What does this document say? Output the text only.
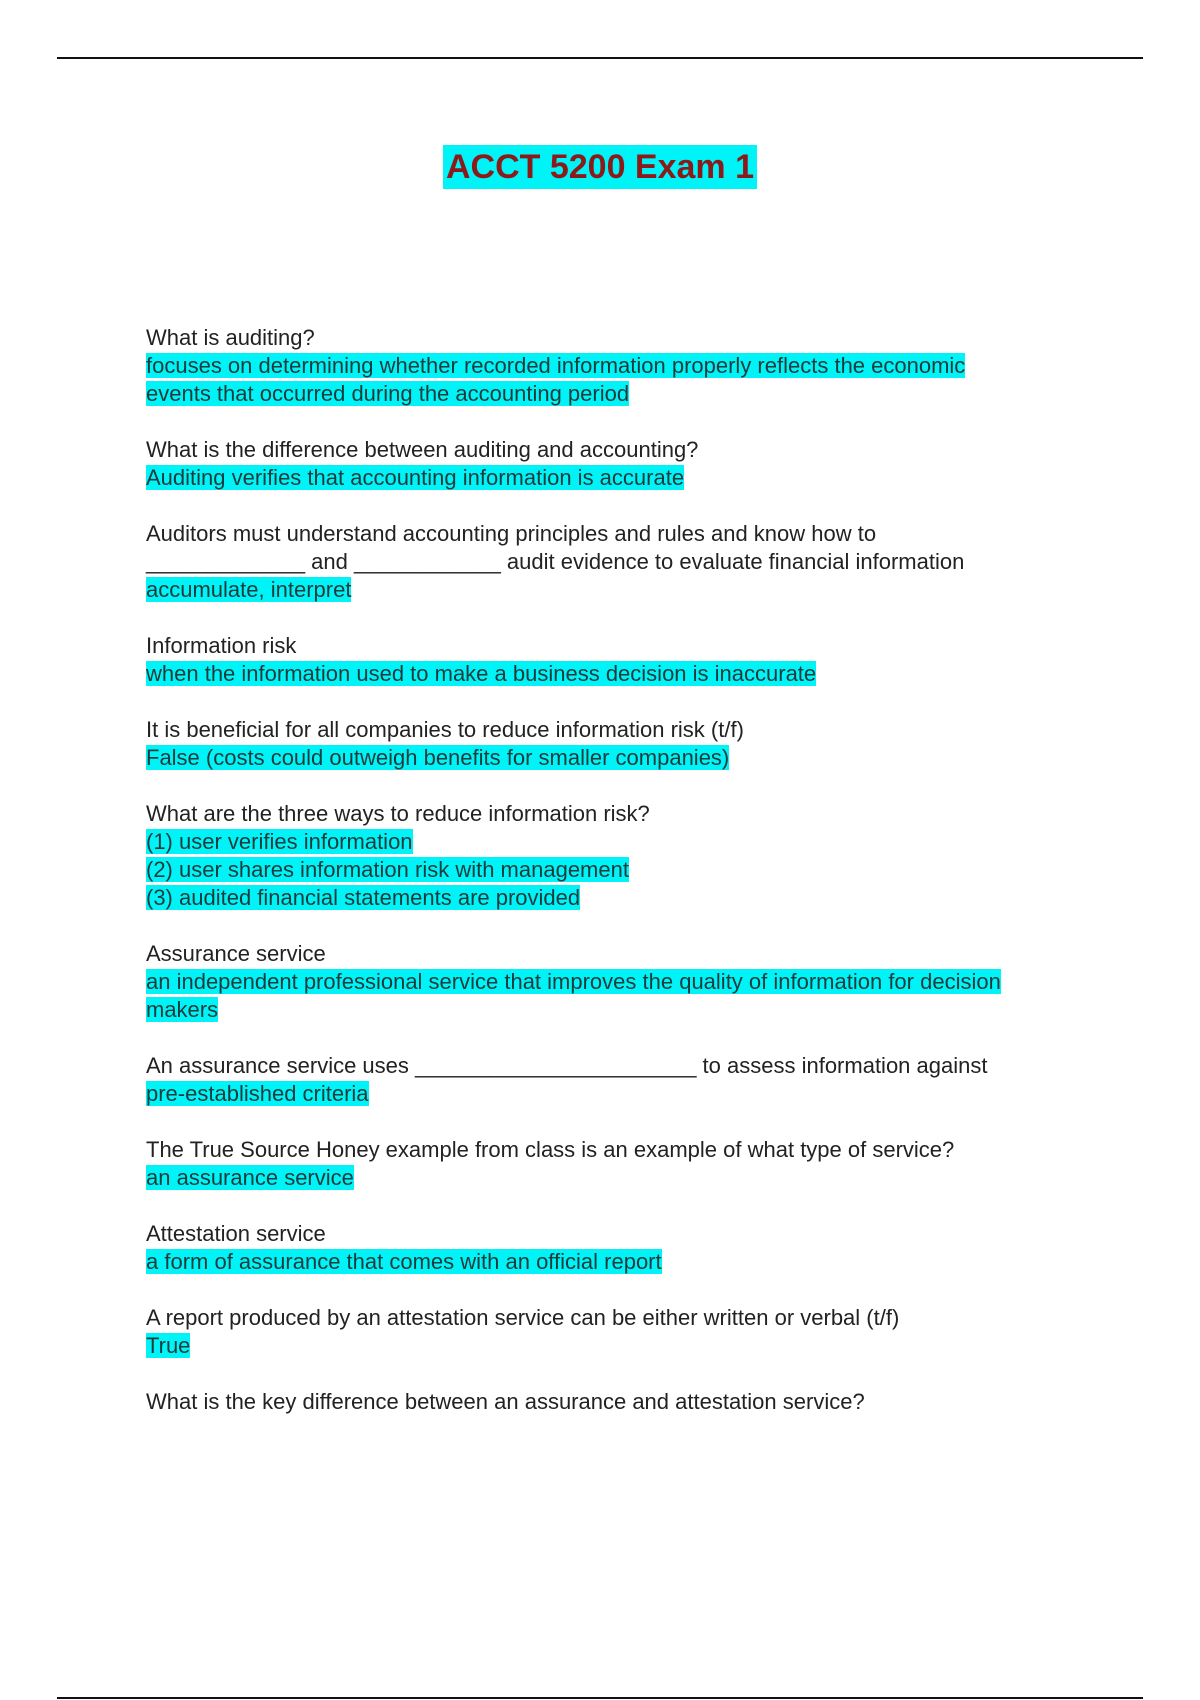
ACCT 5200 Exam 1
What is auditing?
focuses on determining whether recorded information properly reflects the economic
events that occurred during the accounting period
What is the difference between auditing and accounting?
Auditing verifies that accounting information is accurate
Auditors must understand accounting principles and rules and know how to
_____________ and ____________ audit evidence to evaluate financial information
accumulate, interpret
Information risk
when the information used to make a business decision is inaccurate
It is beneficial for all companies to reduce information risk (t/f)
False (costs could outweigh benefits for smaller companies)
What are the three ways to reduce information risk?
(1) user verifies information
(2) user shares information risk with management
(3) audited financial statements are provided
Assurance service
an independent professional service that improves the quality of information for decision
makers
An assurance service uses _______________________ to assess information against
pre-established criteria
The True Source Honey example from class is an example of what type of service?
an assurance service
Attestation service
a form of assurance that comes with an official report
A report produced by an attestation service can be either written or verbal (t/f)
True
What is the key difference between an assurance and attestation service?
